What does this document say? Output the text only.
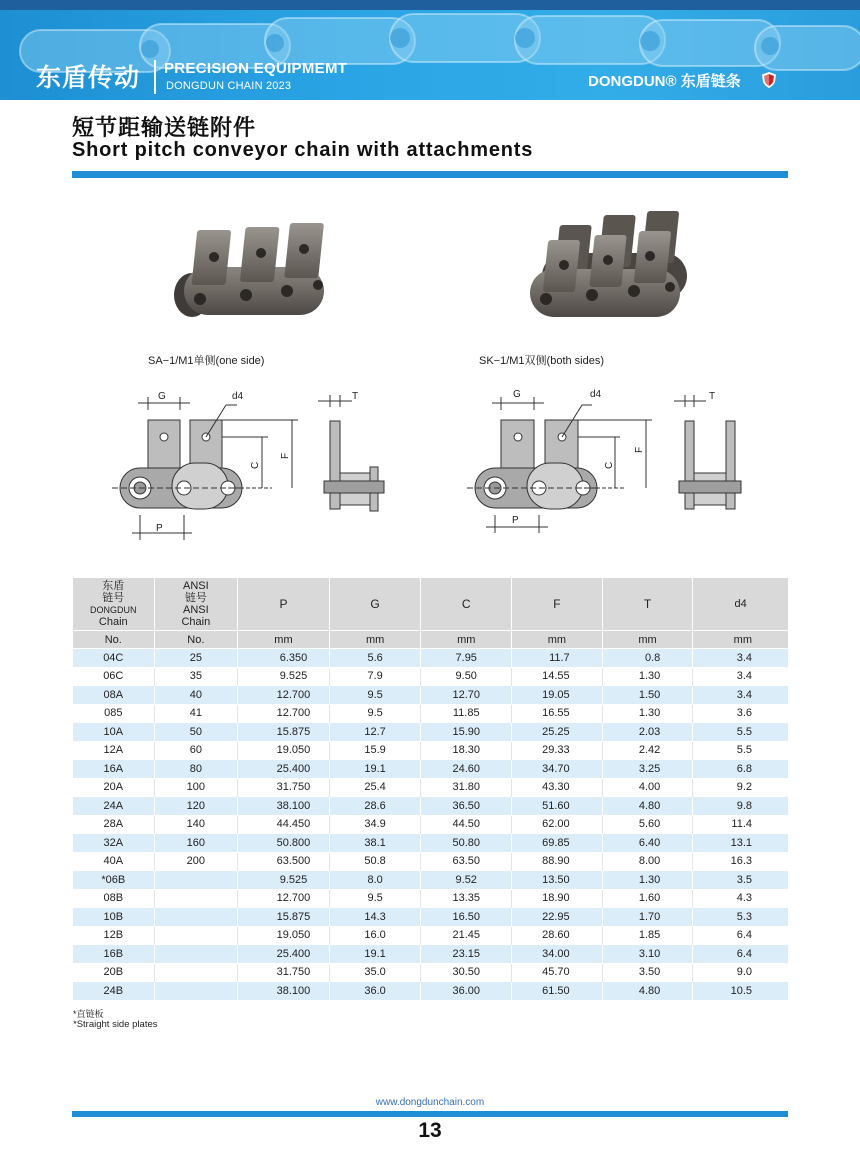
东盾传动 PRECISION EQUIPMEMT
DONGDUN CHAIN 2023	DONGDUN® 东盾链条
短节距输送链附件
Short pitch conveyor chain with attachments
SA−1/M1单侧(one side)	SK−1/M1双侧(both sides)
G	d4	T
C
F
P
G	d4	T
C
F
P
东盾
链号
DONGDUN
Chain	ANSI
链号
ANSI
Chain	P	G	C	F	T	d4
No.	No.	mm	mm	mm	mm	mm	mm
04C	25	6.350	5.6	7.95	11.7	0.8	3.4
06C	35	9.525	7.9	9.50	14.55	1.30	3.4
08A	40	12.700	9.5	12.70	19.05	1.50	3.4
085	41	12.700	9.5	11.85	16.55	1.30	3.6
10A	50	15.875	12.7	15.90	25.25	2.03	5.5
12A	60	19.050	15.9	18.30	29.33	2.42	5.5
16A	80	25.400	19.1	24.60	34.70	3.25	6.8
20A	100	31.750	25.4	31.80	43.30	4.00	9.2
24A	120	38.100	28.6	36.50	51.60	4.80	9.8
28A	140	44.450	34.9	44.50	62.00	5.60	11.4
32A	160	50.800	38.1	50.80	69.85	6.40	13.1
40A	200	63.500	50.8	63.50	88.90	8.00	16.3
*06B		9.525	8.0	9.52	13.50	1.30	3.5
08B		12.700	9.5	13.35	18.90	1.60	4.3
10B		15.875	14.3	16.50	22.95	1.70	5.3
12B		19.050	16.0	21.45	28.60	1.85	6.4
16B		25.400	19.1	23.15	34.00	3.10	6.4
20B		31.750	35.0	30.50	45.70	3.50	9.0
24B		38.100	36.0	36.00	61.50	4.80	10.5
*直链板
*Straight side plates
www.dongdunchain.com
13
